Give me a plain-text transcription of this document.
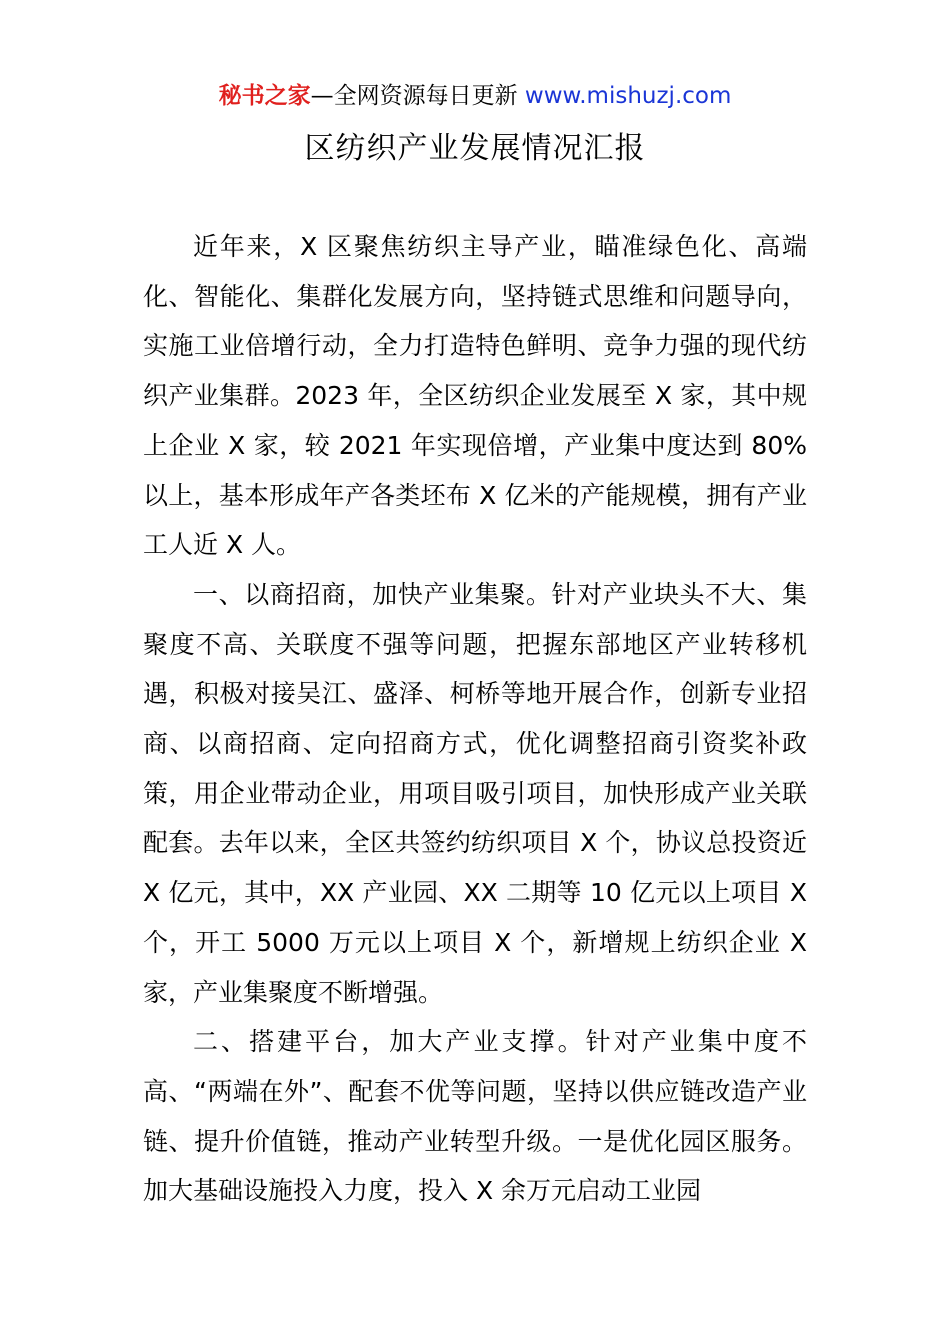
秘书之家—全网资源每日更新 www.mishuzj.com
区纺织产业发展情况汇报

近年来，X 区聚焦纺织主导产业，瞄准绿色化、高端化、智能化、集群化发展方向，坚持链式思维和问题导向，实施工业倍增行动，全力打造特色鲜明、竞争力强的现代纺织产业集群。2023 年，全区纺织企业发展至 X 家，其中规上企业 X 家，较 2021 年实现倍增，产业集中度达到 80%以上，基本形成年产各类坯布 X 亿米的产能规模，拥有产业工人近 X 人。

一、以商招商，加快产业集聚。针对产业块头不大、集聚度不高、关联度不强等问题，把握东部地区产业转移机遇，积极对接吴江、盛泽、柯桥等地开展合作，创新专业招商、以商招商、定向招商方式，优化调整招商引资奖补政策，用企业带动企业，用项目吸引项目，加快形成产业关联配套。去年以来，全区共签约纺织项目 X 个，协议总投资近 X 亿元，其中，XX 产业园、XX 二期等 10 亿元以上项目 X 个，开工 5000 万元以上项目 X 个，新增规上纺织企业 X 家，产业集聚度不断增强。

二、搭建平台，加大产业支撑。针对产业集中度不高、“两端在外”、配套不优等问题，坚持以供应链改造产业链、提升价值链，推动产业转型升级。一是优化园区服务。加大基础设施投入力度，投入 X 余万元启动工业园
